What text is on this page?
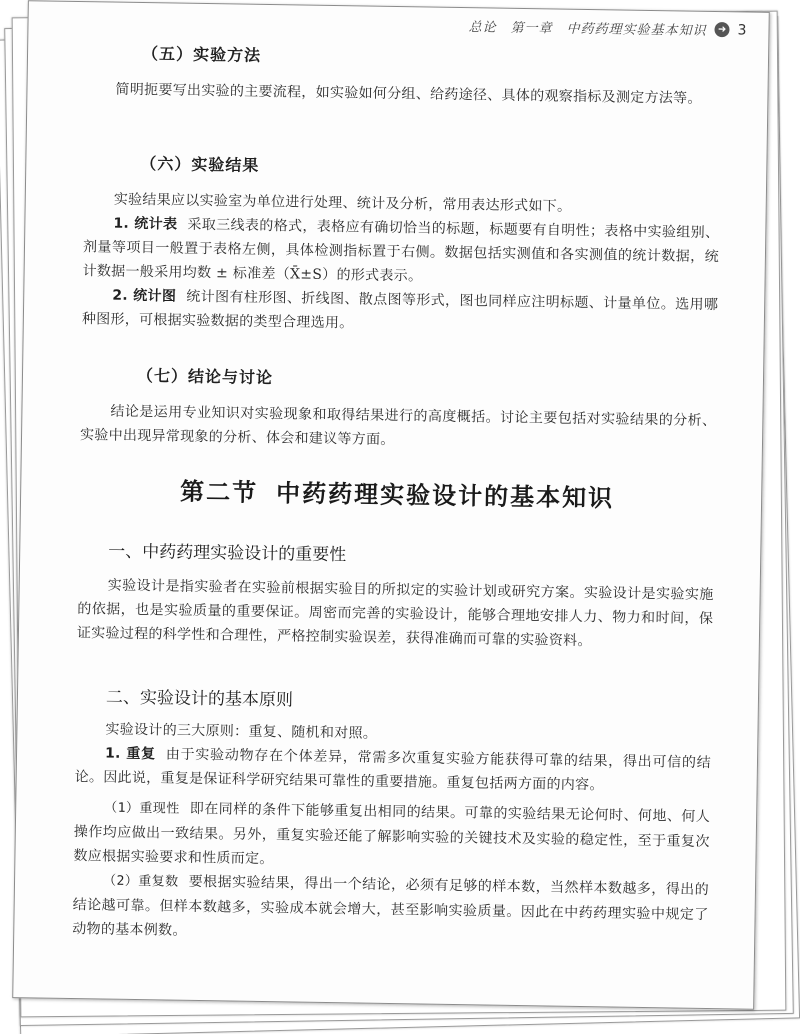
总论　第一章　中药药理实验基本知识	➜ 3

（五）实验方法

简明扼要写出实验的主要流程，如实验如何分组、给药途径、具体的观察指标及测定方法等。

（六）实验结果

实验结果应以实验室为单位进行处理、统计及分析，常用表达形式如下。

1. 统计表 采取三线表的格式，表格应有确切恰当的标题，标题要有自明性；表格中实验组别、剂量等项目一般置于表格左侧，具体检测指标置于右侧。数据包括实测值和各实测值的统计数据，统计数据一般采用均数 ± 标准差（X̄±S）的形式表示。

2. 统计图 统计图有柱形图、折线图、散点图等形式，图也同样应注明标题、计量单位。选用哪种图形，可根据实验数据的类型合理选用。

（七）结论与讨论

结论是运用专业知识对实验现象和取得结果进行的高度概括。讨论主要包括对实验结果的分析、实验中出现异常现象的分析、体会和建议等方面。

第二节 中药药理实验设计的基本知识

一、中药药理实验设计的重要性

实验设计是指实验者在实验前根据实验目的所拟定的实验计划或研究方案。实验设计是实验实施的依据，也是实验质量的重要保证。周密而完善的实验设计，能够合理地安排人力、物力和时间，保证实验过程的科学性和合理性，严格控制实验误差，获得准确而可靠的实验资料。

二、实验设计的基本原则

实验设计的三大原则：重复、随机和对照。

1. 重复 由于实验动物存在个体差异，常需多次重复实验方能获得可靠的结果，得出可信的结论。因此说，重复是保证科学研究结果可靠性的重要措施。重复包括两方面的内容。

（1）重现性 即在同样的条件下能够重复出相同的结果。可靠的实验结果无论何时、何地、何人操作均应做出一致结果。另外，重复实验还能了解影响实验的关键技术及实验的稳定性，至于重复次数应根据实验要求和性质而定。

（2）重复数 要根据实验结果，得出一个结论，必须有足够的样本数，当然样本数越多，得出的结论越可靠。但样本数越多，实验成本就会增大，甚至影响实验质量。因此在中药药理实验中规定了动物的基本例数。
